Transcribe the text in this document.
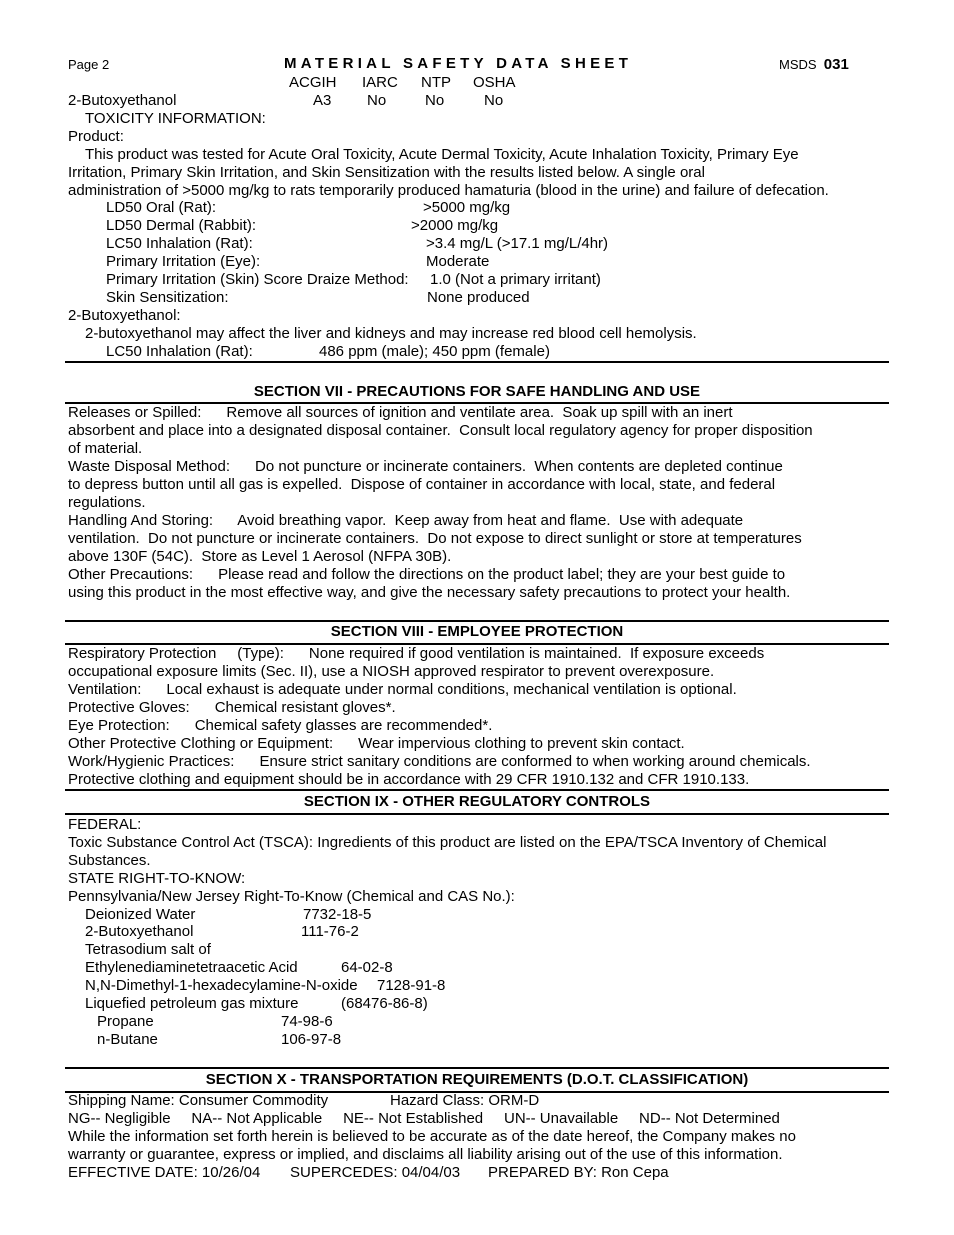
Page 2	MATERIAL SAFETY DATA SHEET	MSDS 031
ACGIH IARC NTP OSHA
2-Butoxyethanol	A3 No	No	No
TOXICITY INFORMATION:
Product:
This product was tested for Acute Oral Toxicity, Acute Dermal Toxicity, Acute Inhalation Toxicity, Primary Eye
Irritation, Primary Skin Irritation, and Skin Sensitization with the results listed below. A single oral
administration of >5000 mg/kg to rats temporarily produced hamaturia (blood in the urine) and failure of defecation.
LD50 Oral (Rat):	>5000 mg/kg
LD50 Dermal (Rabbit):	>2000 mg/kg
LC50 Inhalation (Rat):	>3.4 mg/L (>17.1 mg/L/4hr)
Primary Irritation (Eye):	Moderate
Primary Irritation (Skin) Score Draize Method: 1.0 (Not a primary irritant)
Skin Sensitization:	None produced
2-Butoxyethanol:
2-butoxyethanol may affect the liver and kidneys and may increase red blood cell hemolysis.
LC50 Inhalation (Rat):	486 ppm (male); 450 ppm (female)
SECTION VII - PRECAUTIONS FOR SAFE HANDLING AND USE
Releases or Spilled:      Remove all sources of ignition and ventilate area.  Soak up spill with an inert
absorbent and place into a designated disposal container.  Consult local regulatory agency for proper disposition
of material.
Waste Disposal Method:      Do not puncture or incinerate containers.  When contents are depleted continue
to depress button until all gas is expelled.  Dispose of container in accordance with local, state, and federal
regulations.
Handling And Storing:      Avoid breathing vapor.  Keep away from heat and flame.  Use with adequate
ventilation.  Do not puncture or incinerate containers.  Do not expose to direct sunlight or store at temperatures
above 130F (54C).  Store as Level 1 Aerosol (NFPA 30B).
Other Precautions:      Please read and follow the directions on the product label; they are your best guide to
using this product in the most effective way, and give the necessary safety precautions to protect your health.
SECTION VIII - EMPLOYEE PROTECTION
Respiratory Protection     (Type):      None required if good ventilation is maintained.  If exposure exceeds
occupational exposure limits (Sec. II), use a NIOSH approved respirator to prevent overexposure.
Ventilation:      Local exhaust is adequate under normal conditions, mechanical ventilation is optional.
Protective Gloves:      Chemical resistant gloves*.
Eye Protection:      Chemical safety glasses are recommended*.
Other Protective Clothing or Equipment:      Wear impervious clothing to prevent skin contact.
Work/Hygienic Practices:      Ensure strict sanitary conditions are conformed to when working around chemicals.
Protective clothing and equipment should be in accordance with 29 CFR 1910.132 and CFR 1910.133.
SECTION IX - OTHER REGULATORY CONTROLS
FEDERAL:
Toxic Substance Control Act (TSCA): Ingredients of this product are listed on the EPA/TSCA Inventory of Chemical
Substances.
STATE RIGHT-TO-KNOW:
Pennsylvania/New Jersey Right-To-Know (Chemical and CAS No.):
Deionized Water	7732-18-5
2-Butoxyethanol	111-76-2
Tetrasodium salt of
Ethylenediaminetetraacetic Acid	64-02-8
N,N-Dimethyl-1-hexadecylamine-N-oxide 7128-91-8
Liquefied petroleum gas mixture	(68476-86-8)
Propane	74-98-6
n-Butane	106-97-8
SECTION X - TRANSPORTATION REQUIREMENTS (D.O.T. CLASSIFICATION)
Shipping Name: Consumer Commodity	Hazard Class: ORM-D
NG-- Negligible     NA-- Not Applicable     NE-- Not Established     UN-- Unavailable     ND-- Not Determined
While the information set forth herein is believed to be accurate as of the date hereof, the Company makes no
warranty or guarantee, express or implied, and disclaims all liability arising out of the use of this information.
EFFECTIVE DATE: 10/26/04 SUPERCEDES: 04/04/03 PREPARED BY: Ron Cepa
